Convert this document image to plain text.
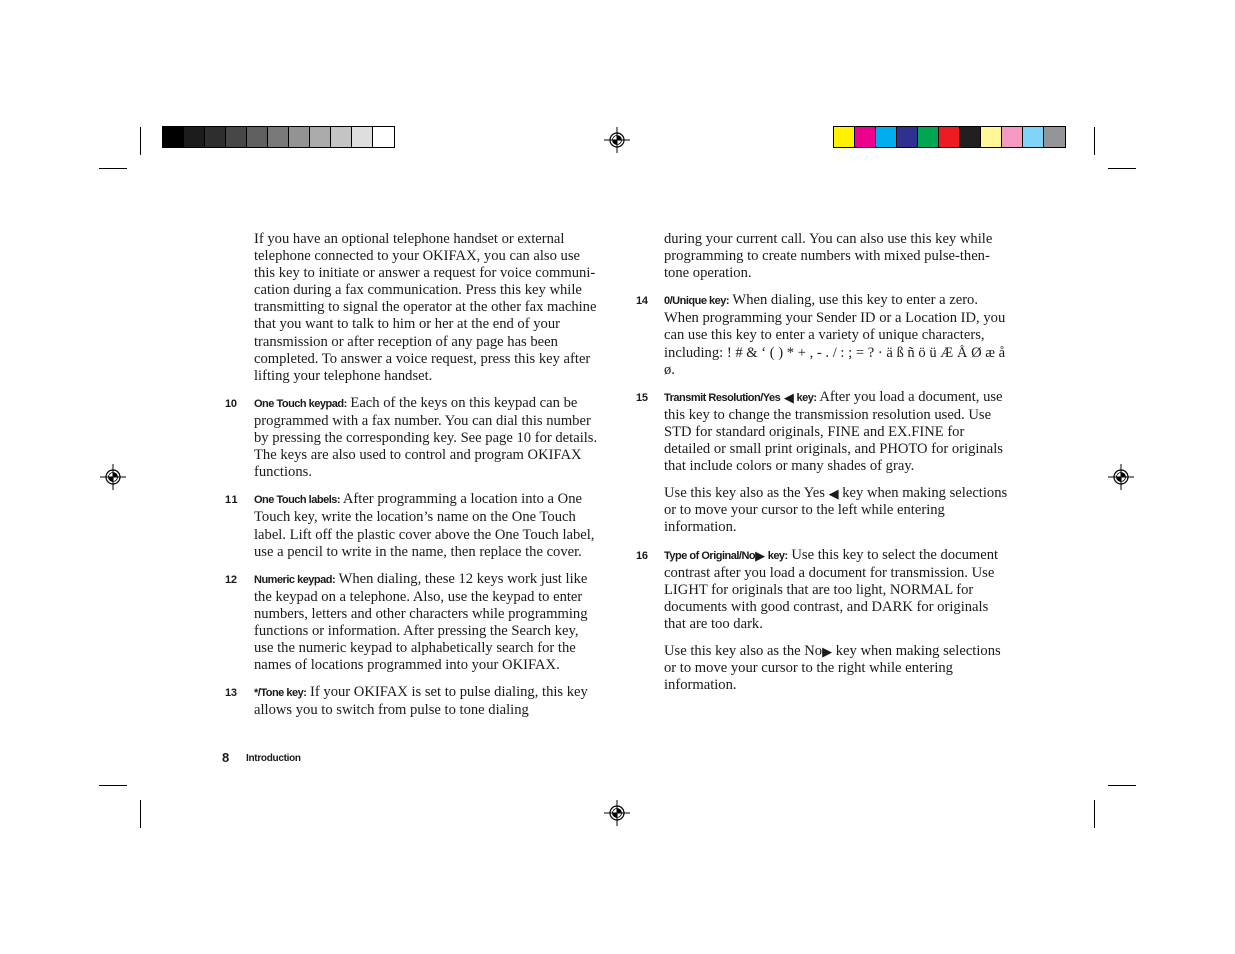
If you have an optional telephone handset or external telephone connected to your OKIFAX, you can also use this key to initiate or answer a request for voice communi-cation during a fax communication. Press this key while transmitting to signal the operator at the other fax machine that you want to talk to him or her at the end of your transmission or after reception of any page has been completed. To answer a voice request, press this key after lifting your telephone handset.

10 One Touch keypad: Each of the keys on this keypad can be programmed with a fax number. You can dial this number by pressing the corresponding key. See page 10 for details. The keys are also used to control and program OKIFAX functions.

11 One Touch labels: After programming a location into a One Touch key, write the location’s name on the One Touch label. Lift off the plastic cover above the One Touch label, use a pencil to write in the name, then replace the cover.

12 Numeric keypad: When dialing, these 12 keys work just like the keypad on a telephone. Also, use the keypad to enter numbers, letters and other characters while programming functions or information. After pressing the Search key, use the numeric keypad to alphabetically search for the names of locations programmed into your OKIFAX.

13 */Tone key: If your OKIFAX is set to pulse dialing, this key allows you to switch from pulse to tone dialing

during your current call. You can also use this key while programming to create numbers with mixed pulse-then-tone operation.

14 0/Unique key: When dialing, use this key to enter a zero. When programming your Sender ID or a Location ID, you can use this key to enter a variety of unique characters, including: ! # & ‘ ( ) * + , - . / : ; = ? · ä ß ñ ö ü Æ Å Ø æ å ø.

15 Transmit Resolution/Yes ◀ key: After you load a document, use this key to change the transmission resolution used. Use STD for standard originals, FINE and EX.FINE for detailed or small print originals, and PHOTO for originals that include colors or many shades of gray.

Use this key also as the Yes ◀ key when making selections or to move your cursor to the left while entering information.

16 Type of Original/No▶ key: Use this key to select the document contrast after you load a document for transmission. Use LIGHT for originals that are too light, NORMAL for documents with good contrast, and DARK for originals that are too dark.

Use this key also as the No▶ key when making selections or to move your cursor to the right while entering information.

8 Introduction
